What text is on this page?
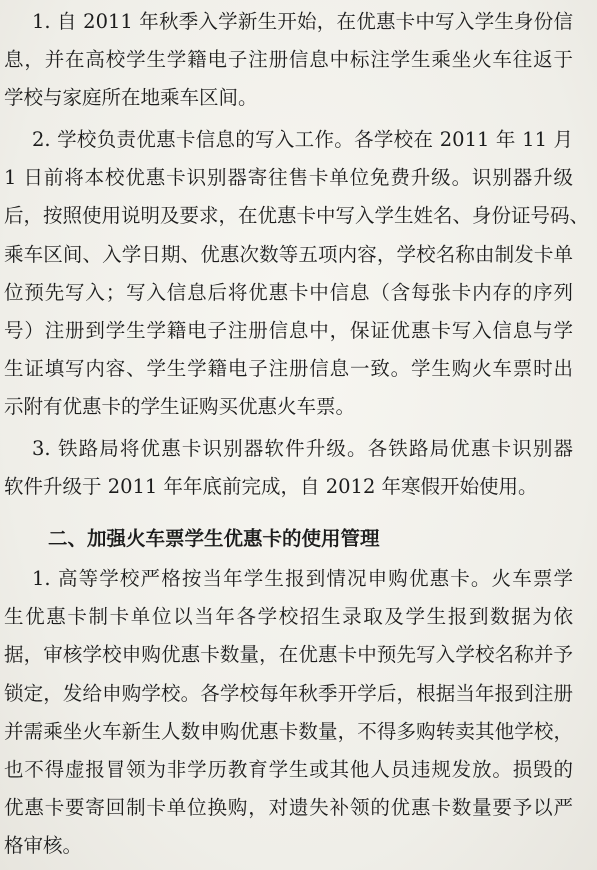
1. 自 2011 年秋季入学新生开始，在优惠卡中写入学生身份信
息，并在高校学生学籍电子注册信息中标注学生乘坐火车往返于
学校与家庭所在地乘车区间。
2. 学校负责优惠卡信息的写入工作。各学校在 2011 年 11 月
1 日前将本校优惠卡识别器寄往售卡单位免费升级。识别器升级
后，按照使用说明及要求，在优惠卡中写入学生姓名、身份证号码、
乘车区间、入学日期、优惠次数等五项内容，学校名称由制发卡单
位预先写入；写入信息后将优惠卡中信息（含每张卡内存的序列
号）注册到学生学籍电子注册信息中，保证优惠卡写入信息与学
生证填写内容、学生学籍电子注册信息一致。学生购火车票时出
示附有优惠卡的学生证购买优惠火车票。
3. 铁路局将优惠卡识别器软件升级。各铁路局优惠卡识别器
软件升级于 2011 年年底前完成，自 2012 年寒假开始使用。
二、加强火车票学生优惠卡的使用管理
1. 高等学校严格按当年学生报到情况申购优惠卡。火车票学
生优惠卡制卡单位以当年各学校招生录取及学生报到数据为依
据，审核学校申购优惠卡数量，在优惠卡中预先写入学校名称并予
锁定，发给申购学校。各学校每年秋季开学后，根据当年报到注册
并需乘坐火车新生人数申购优惠卡数量，不得多购转卖其他学校，
也不得虚报冒领为非学历教育学生或其他人员违规发放。损毁的
优惠卡要寄回制卡单位换购，对遗失补领的优惠卡数量要予以严
格审核。
